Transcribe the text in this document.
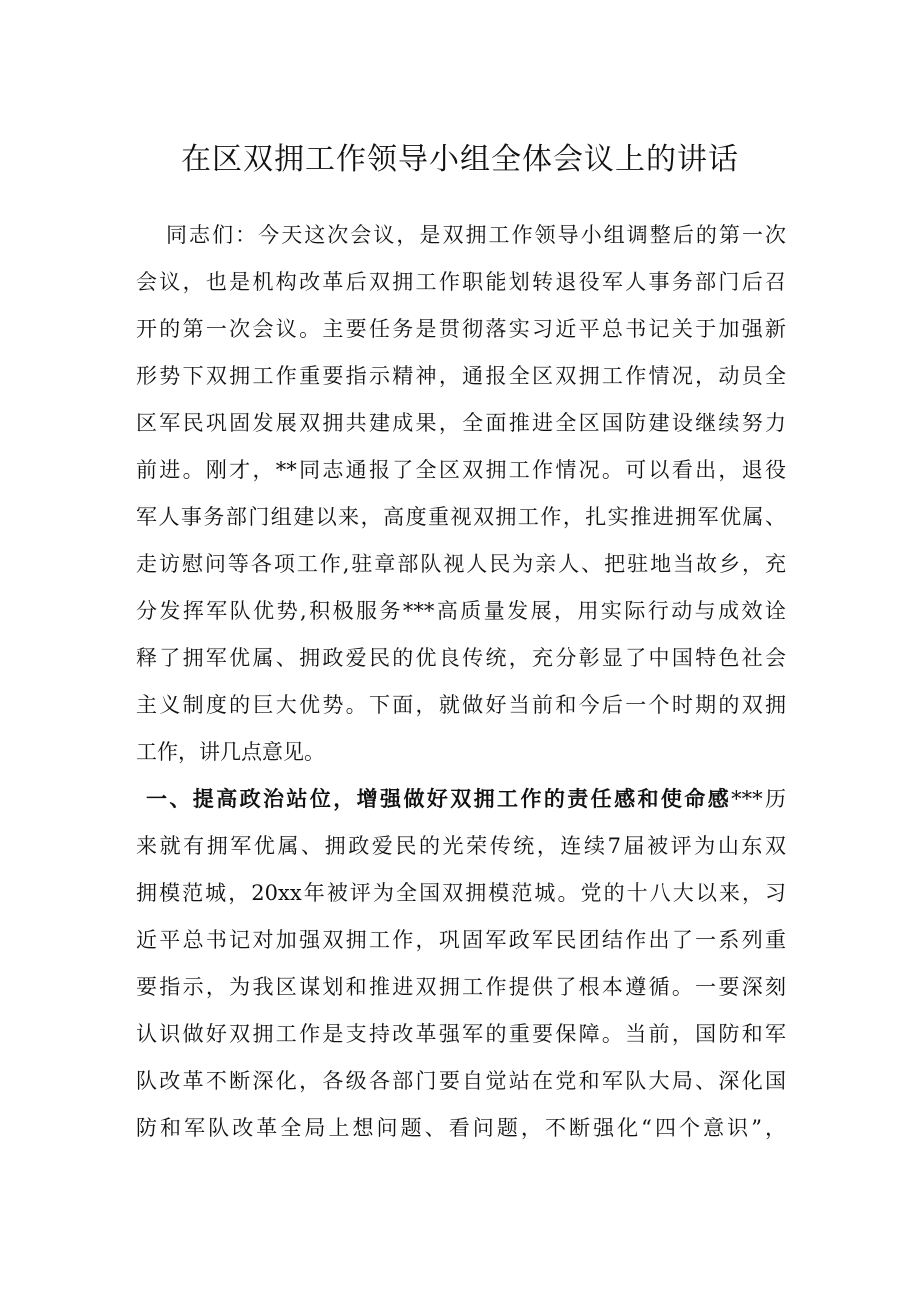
在区双拥工作领导小组全体会议上的讲话
同志们：今天这次会议，是双拥工作领导小组调整后的第一次
会议，也是机构改革后双拥工作职能划转退役军人事务部门后召
开的第一次会议。主要任务是贯彻落实习近平总书记关于加强新
形势下双拥工作重要指示精神，通报全区双拥工作情况，动员全
区军民巩固发展双拥共建成果，全面推进全区国防建设继续努力
前进。刚才，**同志通报了全区双拥工作情况。可以看出，退役
军人事务部门组建以来，高度重视双拥工作，扎实推进拥军优属、
走访慰问等各项工作,驻章部队视人民为亲人、把驻地当故乡，充
分发挥军队优势,积极服务***高质量发展，用实际行动与成效诠
释了拥军优属、拥政爱民的优良传统，充分彰显了中国特色社会
主义制度的巨大优势。下面，就做好当前和今后一个时期的双拥
工作，讲几点意见。
一、提高政治站位，增强做好双拥工作的责任感和使命感***历
来就有拥军优属、拥政爱民的光荣传统，连续7届被评为山东双
拥模范城，20xx年被评为全国双拥模范城。党的十八大以来，习
近平总书记对加强双拥工作，巩固军政军民团结作出了一系列重
要指示，为我区谋划和推进双拥工作提供了根本遵循。一要深刻
认识做好双拥工作是支持改革强军的重要保障。当前，国防和军
队改革不断深化，各级各部门要自觉站在党和军队大局、深化国
防和军队改革全局上想问题、看问题，不断强化“四个意识”，
